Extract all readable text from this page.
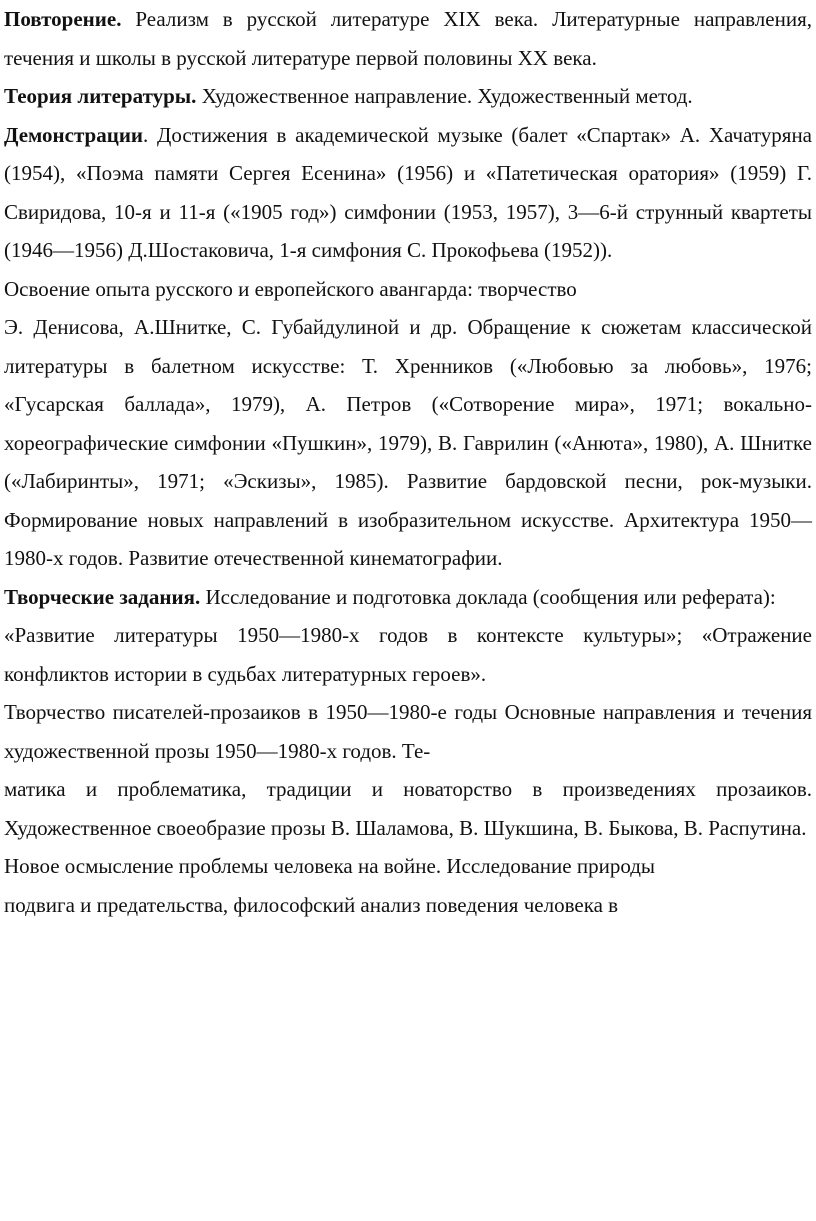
Повторение. Реализм в русской литературе XIX века. Литературные направления, течения и школы в русской литературе первой половины XX века.

Теория литературы. Художественное направление. Художественный метод.

Демонстрации. Достижения в академической музыке (балет «Спартак» А. Хачатуряна (1954), «Поэма памяти Сергея Есенина» (1956) и «Патетическая оратория» (1959) Г. Свиридова, 10-я и 11-я («1905 год») симфонии (1953, 1957), 3—6-й струнный квартеты (1946—1956) Д.Шостаковича, 1-я симфония С. Прокофьева (1952)).

Освоение опыта русского и европейского авангарда: творчество

Э. Денисова, А.Шнитке, С. Губайдулиной и др. Обращение к сюжетам классической литературы в балетном искусстве: Т. Хренников («Любовью за любовь», 1976; «Гусарская баллада», 1979), А. Петров («Сотворение мира», 1971; вокально-хореографические симфонии «Пушкин», 1979), В. Гаврилин («Анюта», 1980), А. Шнитке («Лабиринты», 1971; «Эскизы», 1985). Развитие бардовской песни, рок-музыки. Формирование новых направлений в изобразительном искусстве. Архитектура 1950— 1980-х годов. Развитие отечественной кинематографии.

Творческие задания. Исследование и подготовка доклада (сообщения или реферата):

«Развитие литературы 1950—1980-х годов в контексте культуры»; «Отражение конфликтов истории в судьбах литературных героев».

Творчество писателей-прозаиков в 1950—1980-е годы Основные направления и течения художественной прозы 1950—1980-х годов. Те-

матика и проблематика, традиции и новаторство в произведениях прозаиков. Художественное своеобразие прозы В. Шаламова, В. Шукшина, В. Быкова, В. Распутина.

Новое осмысление проблемы человека на войне. Исследование природы
подвига и предательства, философский анализ поведения человека в
